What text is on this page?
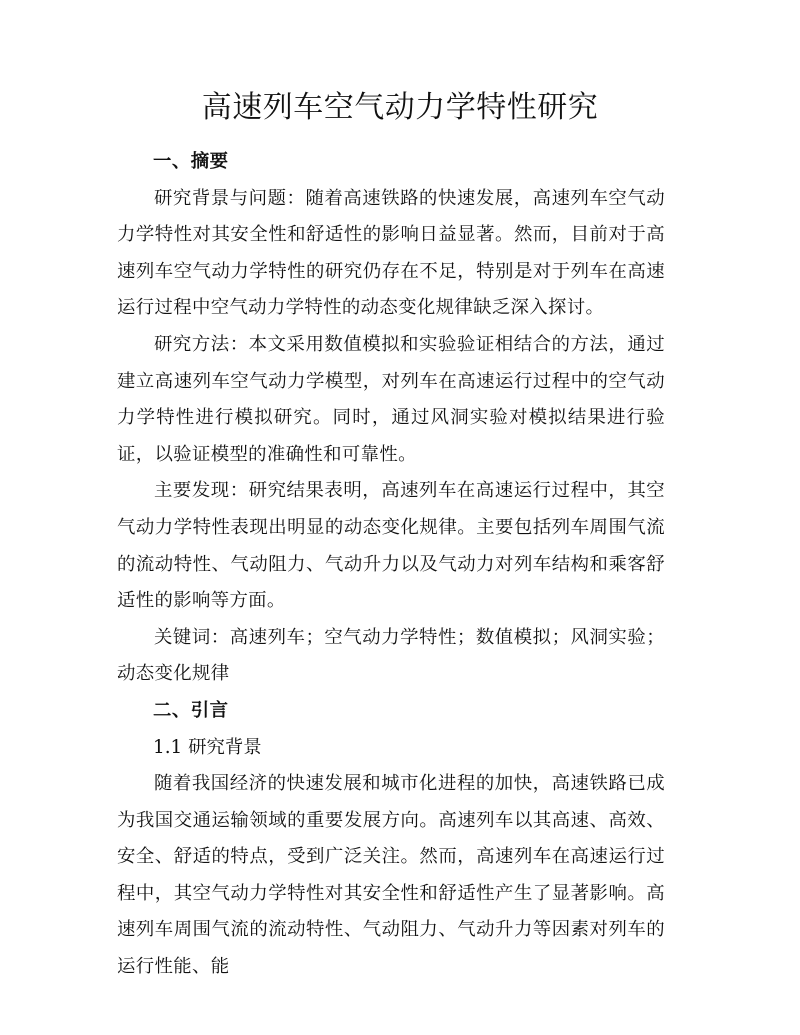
高速列车空气动力学特性研究

一、摘要

研究背景与问题：随着高速铁路的快速发展，高速列车空气动力学特性对其安全性和舒适性的影响日益显著。然而，目前对于高速列车空气动力学特性的研究仍存在不足，特别是对于列车在高速运行过程中空气动力学特性的动态变化规律缺乏深入探讨。

研究方法：本文采用数值模拟和实验验证相结合的方法，通过建立高速列车空气动力学模型，对列车在高速运行过程中的空气动力学特性进行模拟研究。同时，通过风洞实验对模拟结果进行验证，以验证模型的准确性和可靠性。

主要发现：研究结果表明，高速列车在高速运行过程中，其空气动力学特性表现出明显的动态变化规律。主要包括列车周围气流的流动特性、气动阻力、气动升力以及气动力对列车结构和乘客舒适性的影响等方面。

关键词：高速列车；空气动力学特性；数值模拟；风洞实验；动态变化规律

二、引言

1.1 研究背景

随着我国经济的快速发展和城市化进程的加快，高速铁路已成为我国交通运输领域的重要发展方向。高速列车以其高速、高效、安全、舒适的特点，受到广泛关注。然而，高速列车在高速运行过程中，其空气动力学特性对其安全性和舒适性产生了显著影响。高速列车周围气流的流动特性、气动阻力、气动升力等因素对列车的运行性能、能
